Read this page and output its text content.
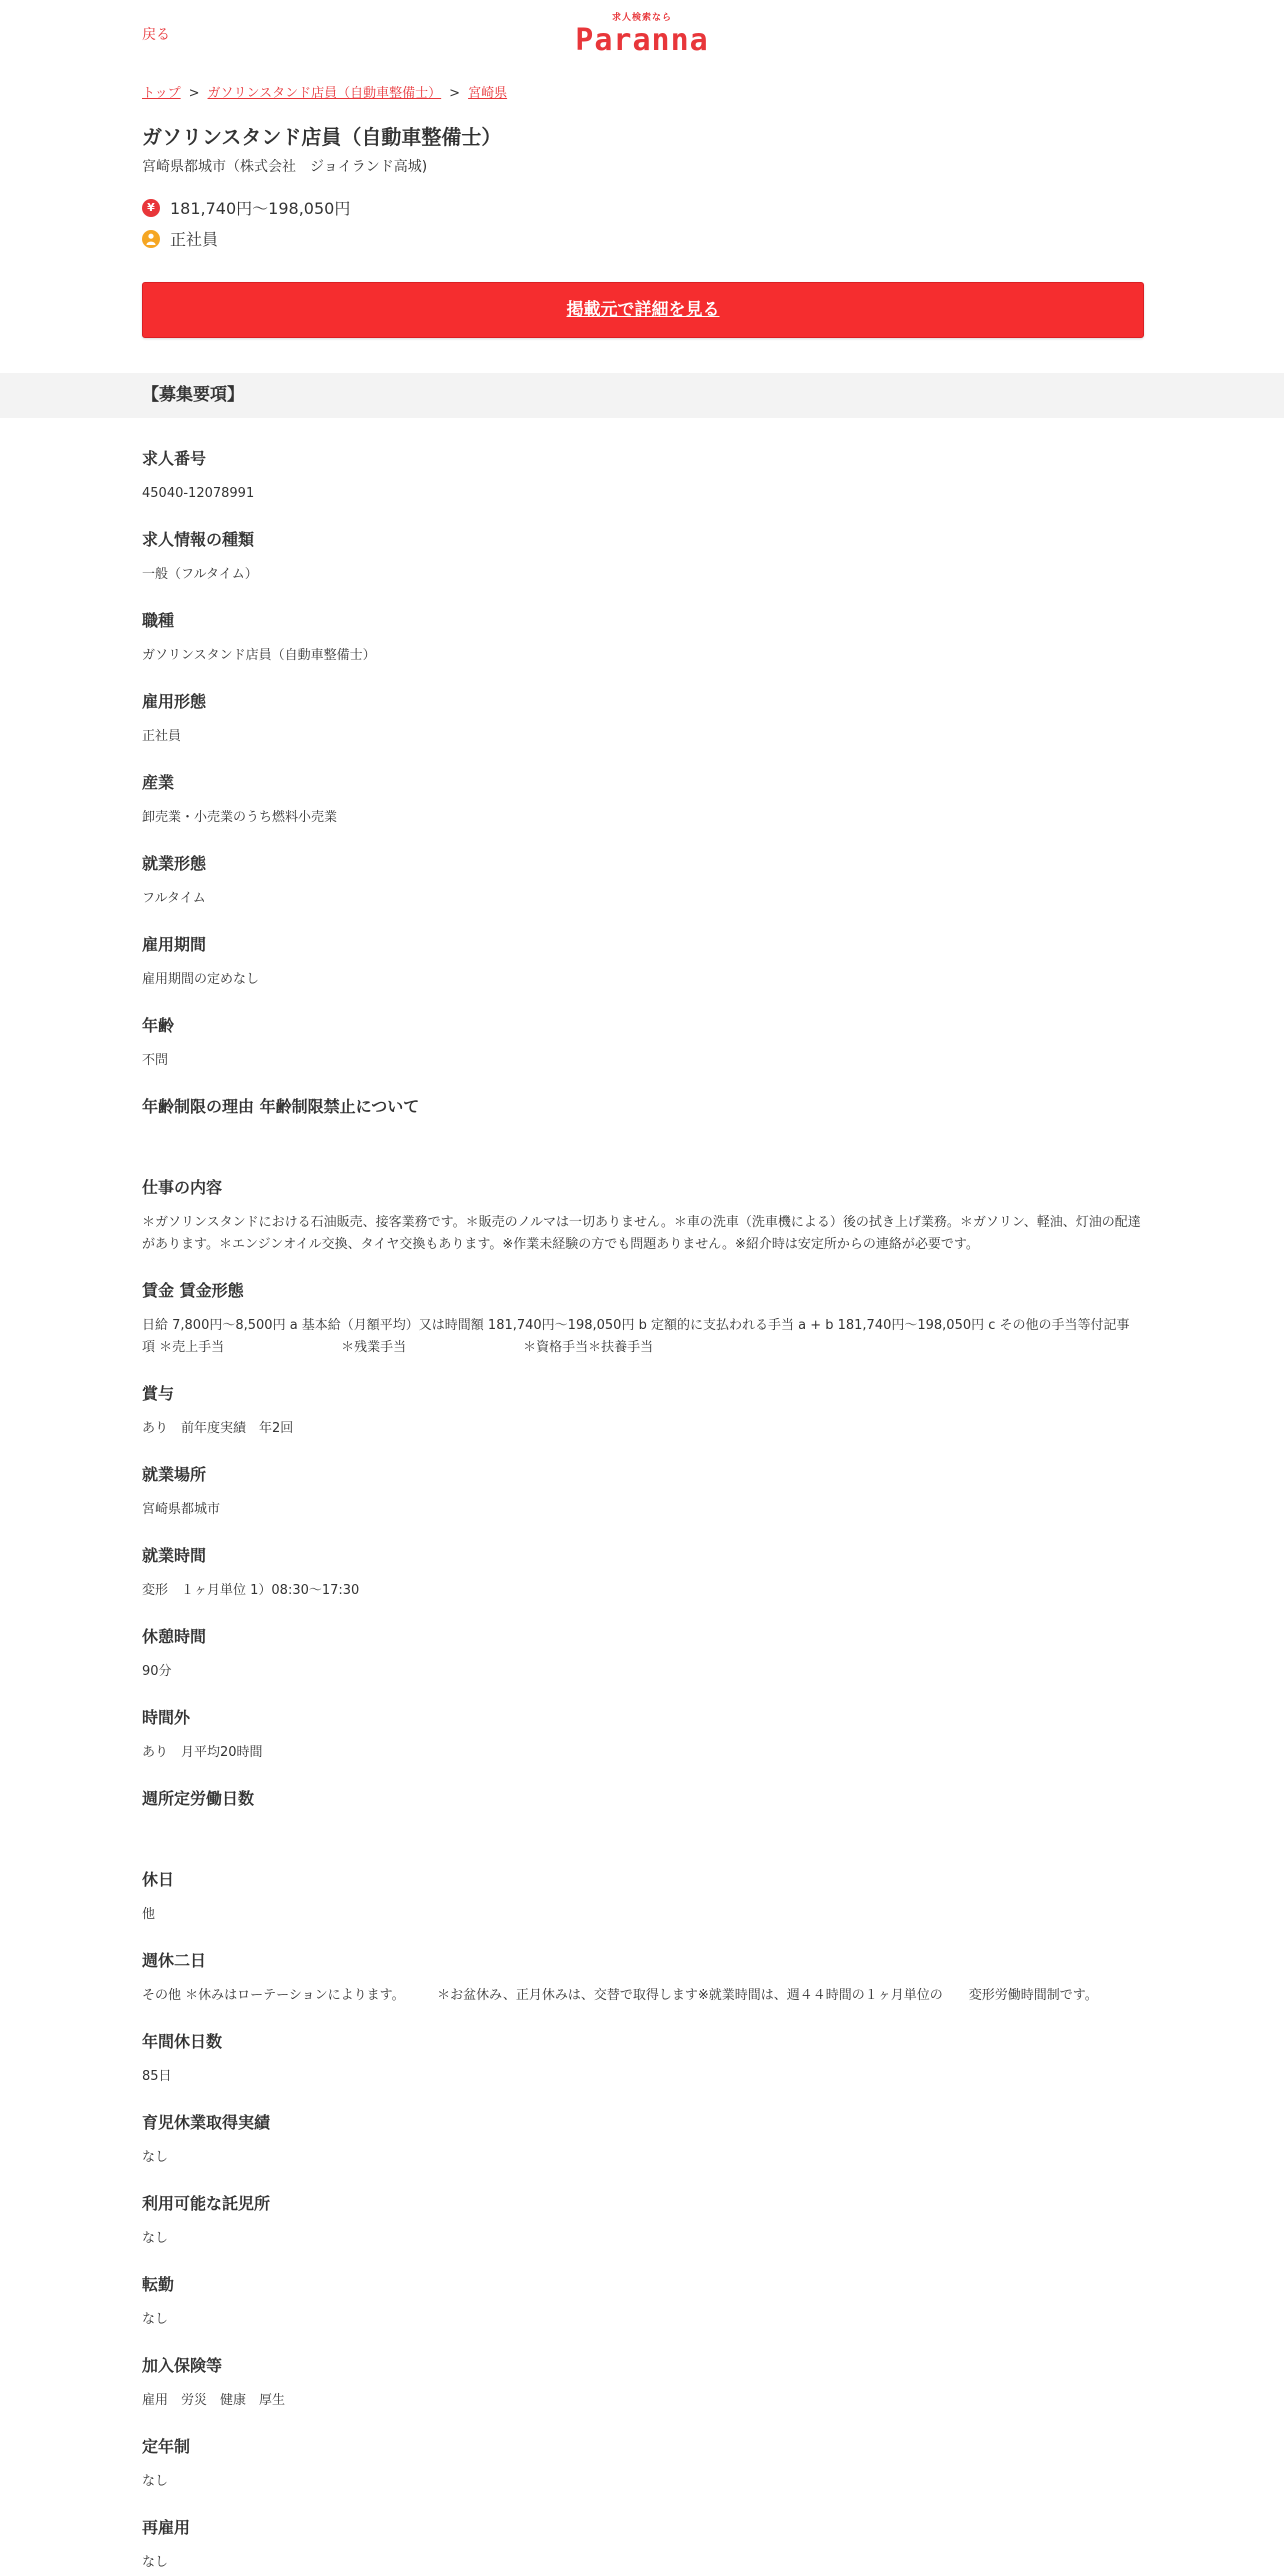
戻る
求人検索なら
Paranna
トップ > ガソリンスタンド店員（自動車整備士） > 宮崎県
ガソリンスタンド店員（自動車整備士）
宮崎県都城市（株式会社　ジョイランド高城)
¥ 181,740円～198,050円
正社員
掲載元で詳細を見る
【募集要項】
求人番号
45040-12078991
求人情報の種類
一般（フルタイム）
職種
ガソリンスタンド店員（自動車整備士）
雇用形態
正社員
産業
卸売業・小売業のうち燃料小売業
就業形態
フルタイム
雇用期間
雇用期間の定めなし
年齢
不問
年齢制限の理由 年齢制限禁止について
仕事の内容
＊ガソリンスタンドにおける石油販売、接客業務です。＊販売のノルマは一切ありません。＊車の洗車（洗車機による）後の拭き上げ業務。＊ガソリン、軽油、灯油の配達があります。＊エンジンオイル交換、タイヤ交換もあります。※作業未経験の方でも問題ありません。※紹介時は安定所からの連絡が必要です。
賃金 賃金形態
日給 7,800円～8,500円 a 基本給（月額平均）又は時間額 181,740円～198,050円 b 定額的に支払われる手当 a + b 181,740円～198,050円 c その他の手当等付記事項 ＊売上手当　　　　　　　　　＊残業手当　　　　　　　　　＊資格手当＊扶養手当
賞与
あり　前年度実績　年2回
就業場所
宮崎県都城市
就業時間
変形　１ヶ月単位 1）08:30～17:30
休憩時間
90分
時間外
あり　月平均20時間
週所定労働日数
休日
他
週休二日
その他 ＊休みはローテーションによります。　　　＊お盆休み、正月休みは、交替で取得します※就業時間は、週４４時間の１ヶ月単位の　　変形労働時間制です。
年間休日数
85日
育児休業取得実績
なし
利用可能な託児所
なし
転勤
なし
加入保険等
雇用　労災　健康　厚生
定年制
なし
再雇用
なし
